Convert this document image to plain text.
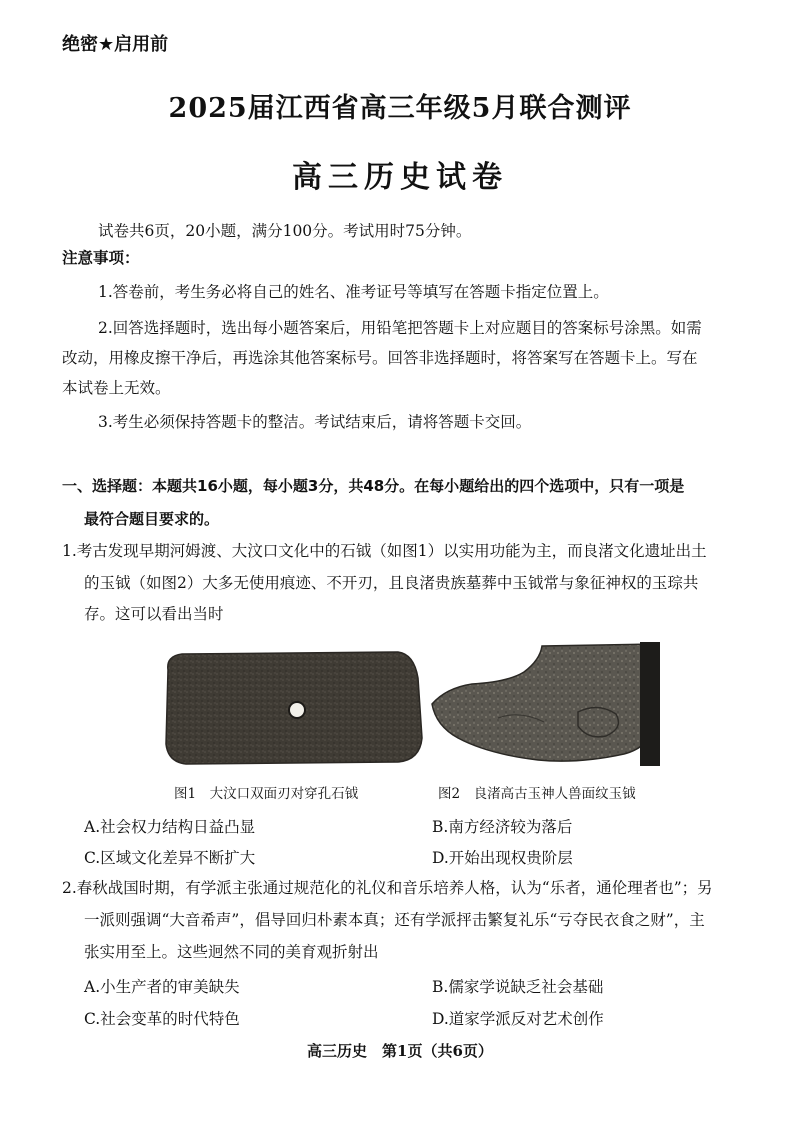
绝密★启用前
2025届江西省高三年级5月联合测评
高三历史试卷
试卷共6页，20小题，满分100分。考试用时75分钟。
注意事项：
1.答卷前，考生务必将自己的姓名、准考证号等填写在答题卡指定位置上。
2.回答选择题时，选出每小题答案后，用铅笔把答题卡上对应题目的答案标号涂黑。如需
改动，用橡皮擦干净后，再选涂其他答案标号。回答非选择题时，将答案写在答题卡上。写在
本试卷上无效。
3.考生必须保持答题卡的整洁。考试结束后，请将答题卡交回。
一、选择题：本题共16小题，每小题3分，共48分。在每小题给出的四个选项中，只有一项是
最符合题目要求的。
1.考古发现早期河姆渡、大汶口文化中的石钺（如图1）以实用功能为主，而良渚文化遗址出土
的玉钺（如图2）大多无使用痕迹、不开刃，且良渚贵族墓葬中玉钺常与象征神权的玉琮共
存。这可以看出当时
图1　大汶口双面刃对穿孔石钺	图2　良渚高古玉神人兽面纹玉钺
A.社会权力结构日益凸显	B.南方经济较为落后
C.区域文化差异不断扩大	D.开始出现权贵阶层
2.春秋战国时期，有学派主张通过规范化的礼仪和音乐培养人格，认为“乐者，通伦理者也”；另
一派则强调“大音希声”，倡导回归朴素本真；还有学派抨击繁复礼乐“亏夺民衣食之财”，主
张实用至上。这些迥然不同的美育观折射出
A.小生产者的审美缺失	B.儒家学说缺乏社会基础
C.社会变革的时代特色	D.道家学派反对艺术创作
高三历史　第1页（共6页）
